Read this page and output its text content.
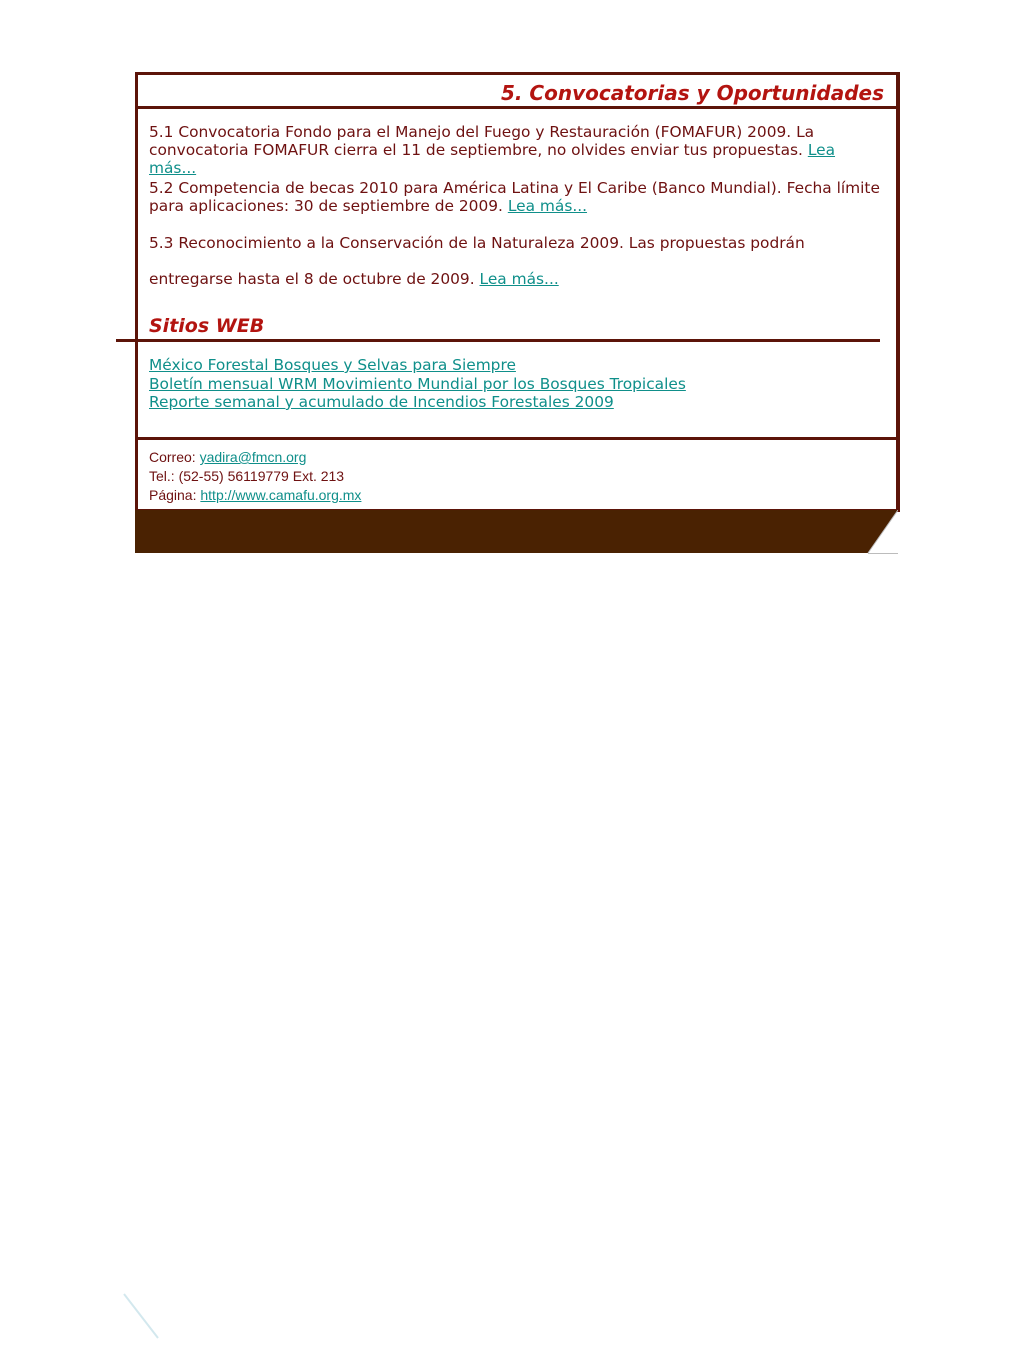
5. Convocatorias y Oportunidades

5.1 Convocatoria Fondo para el Manejo del Fuego y Restauración (FOMAFUR) 2009. La convocatoria FOMAFUR cierra el 11 de septiembre, no olvides enviar tus propuestas. Lea más...

5.2 Competencia de becas 2010 para América Latina y El Caribe (Banco Mundial). Fecha límite para aplicaciones: 30 de septiembre de 2009. Lea más...

5.3 Reconocimiento a la Conservación de la Naturaleza 2009. Las propuestas podrán

entregarse hasta el 8 de octubre de 2009. Lea más...

Sitios WEB
México Forestal Bosques y Selvas para Siempre
Boletín mensual WRM Movimiento Mundial por los Bosques Tropicales
Reporte semanal y acumulado de Incendios Forestales 2009
Correo: yadira@fmcn.org
Tel.: (52-55) 56119779 Ext. 213
Página: http://www.camafu.org.mx
